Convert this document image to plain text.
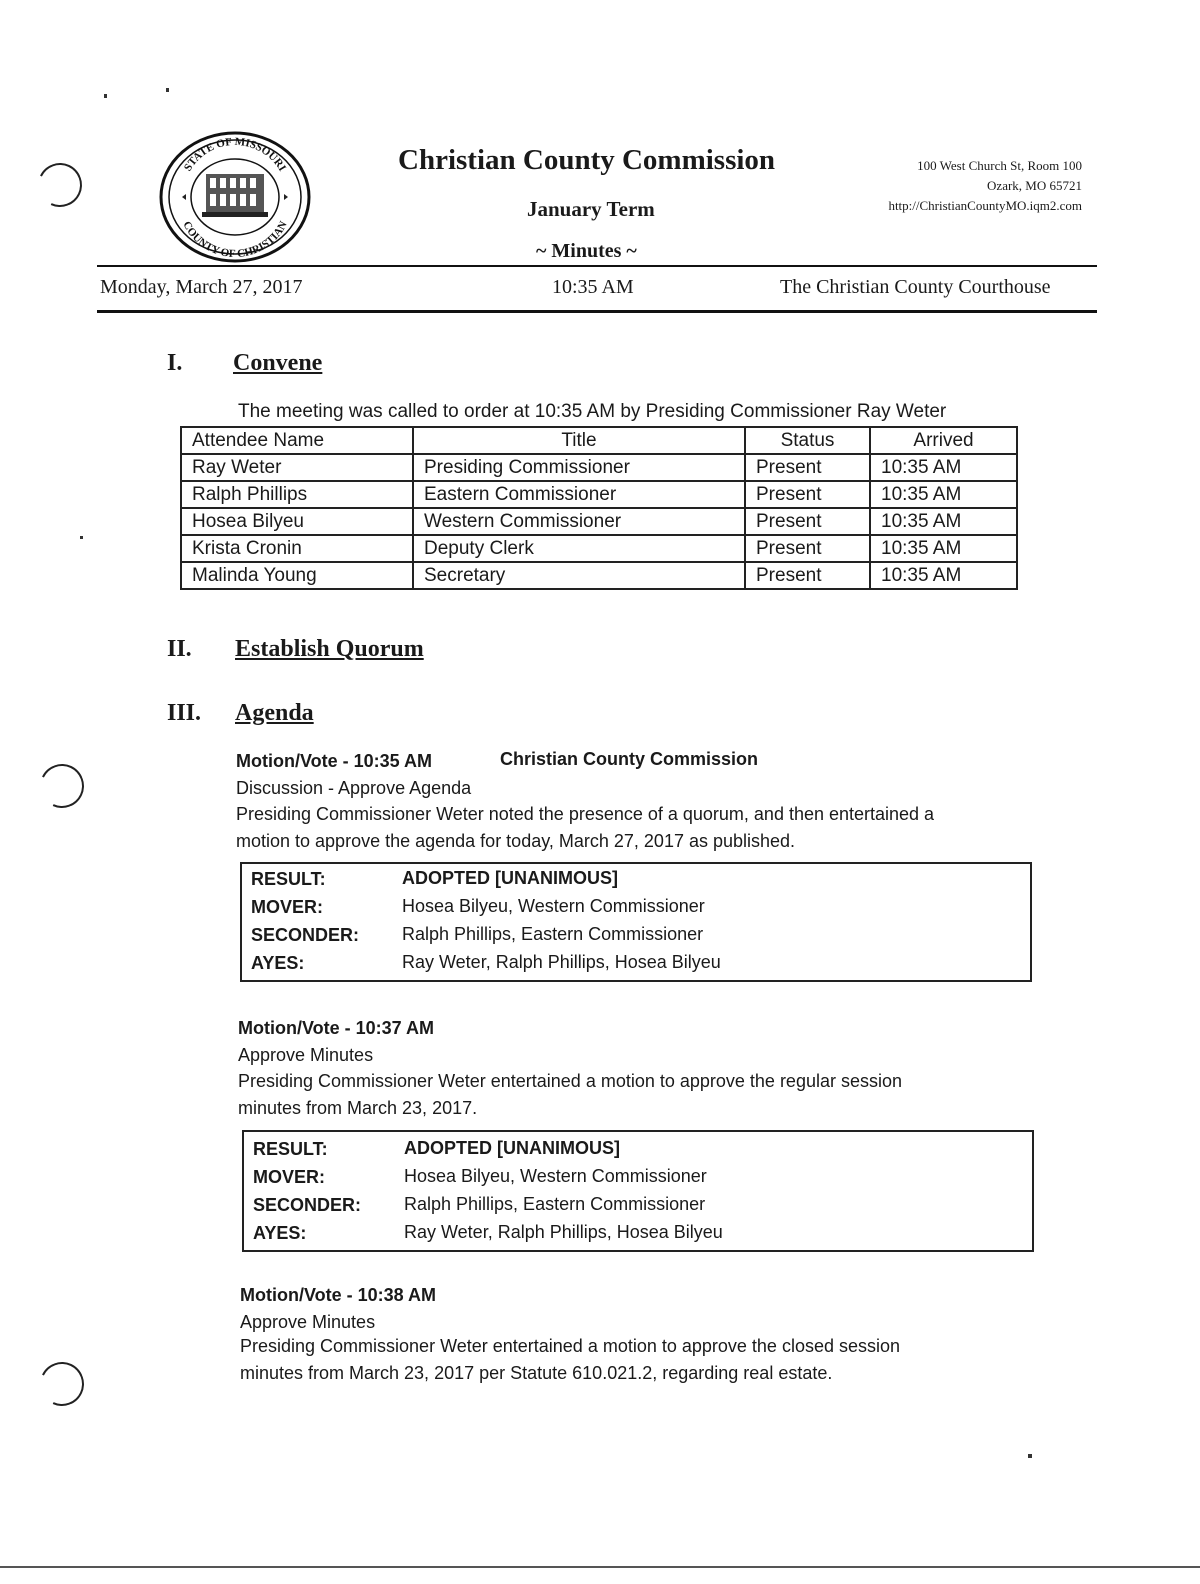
STATE OF MISSOURI
COUNTY OF CHRISTIAN
Christian County Commission
January Term
~ Minutes ~
100 West Church St, Room 100
Ozark, MO 65721
http://ChristianCountyMO.iqm2.com
Monday, March 27, 2017	10:35 AM	The Christian County Courthouse
I. Convene
The meeting was called to order at 10:35 AM by Presiding Commissioner Ray Weter
Attendee Name	Title	Status	Arrived
Ray Weter	Presiding Commissioner	Present	10:35 AM
Ralph Phillips	Eastern Commissioner	Present	10:35 AM
Hosea Bilyeu	Western Commissioner	Present	10:35 AM
Krista Cronin	Deputy Clerk	Present	10:35 AM
Malinda Young	Secretary	Present	10:35 AM
II. Establish Quorum
III. Agenda
Motion/Vote - 10:35 AM	Christian County Commission
Discussion - Approve Agenda
Presiding Commissioner Weter noted the presence of a quorum, and then entertained a
motion to approve the agenda for today, March 27, 2017 as published.
RESULT:	ADOPTED [UNANIMOUS]
MOVER:	Hosea Bilyeu, Western Commissioner
SECONDER: Ralph Phillips, Eastern Commissioner
AYES:	Ray Weter, Ralph Phillips, Hosea Bilyeu
Motion/Vote - 10:37 AM
Approve Minutes
Presiding Commissioner Weter entertained a motion to approve the regular session
minutes from March 23, 2017.
RESULT:	ADOPTED [UNANIMOUS]
MOVER:	Hosea Bilyeu, Western Commissioner
SECONDER: Ralph Phillips, Eastern Commissioner
AYES:	Ray Weter, Ralph Phillips, Hosea Bilyeu
Motion/Vote - 10:38 AM
Approve Minutes
Presiding Commissioner Weter entertained a motion to approve the closed session
minutes from March 23, 2017 per Statute 610.021.2, regarding real estate.
